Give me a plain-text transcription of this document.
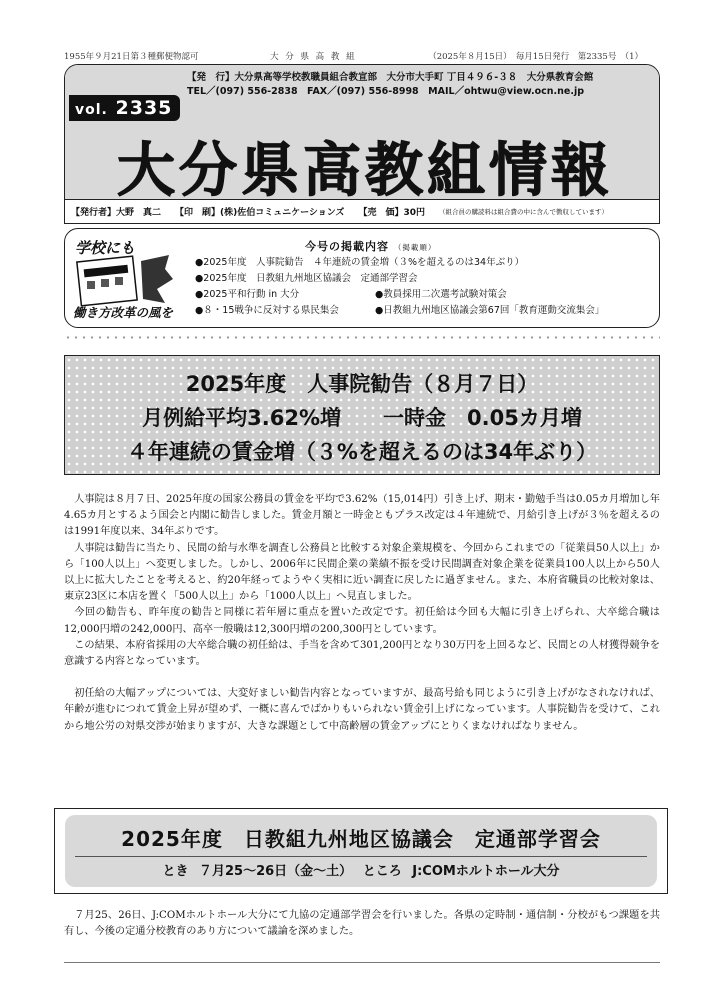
1955年９月21日第３種郵便物認可	大 分 県 高 教 組	（2025年８月15日）　毎月15日発行　第2335号　（1）
vol. 2335
【発　行】大分県高等学校教職員組合教宣部　大分市大手町 丁目４９６-３８　大分県教育会館
TEL／(097) 556-2838　FAX／(097) 556-8998　MAIL／ohtwu@view.ocn.ne.jp
大分県高教組情報
【発行者】大野　真二 【印　刷】(株)佐伯コミュニケーションズ 【売　価】30円 （組合員の購読料は組合費の中に含んで徴収しています）
学校にも
働き方改革の風を
今号の掲載内容 （掲載順）
●2025年度　人事院勧告　４年連続の賃金増（３%を超えるのは34年ぶり）
●2025年度　日教組九州地区協議会　定通部学習会
●2025平和行動 in 大分	●教員採用二次選考試験対策会
●８・15戦争に反対する県民集会	●日教組九州地区協議会第67回「教育運動交流集会」
2025年度　人事院勧告（８月７日）
月例給平均3.62%増　　一時金　0.05カ月増
４年連続の賃金増（３%を超えるのは34年ぶり）

人事院は８月７日、2025年度の国家公務員の賃金を平均で3.62%（15,014円）引き上げ、期末・勤勉手当は0.05カ月増加し年4.65カ月とするよう国会と内閣に勧告しました。賃金月額と一時金ともプラス改定は４年連続で、月給引き上げが３％を超えるのは1991年度以来、34年ぶりです。

人事院は勧告に当たり、民間の給与水準を調査し公務員と比較する対象企業規模を、今回からこれまでの「従業員50人以上」から「100人以上」へ変更しました。しかし、2006年に民間企業の業績不振を受け民間調査対象企業を従業員100人以上から50人以上に拡大したことを考えると、約20年経ってようやく実相に近い調査に戻したに過ぎません。また、本府省職員の比較対象は、東京23区に本店を置く「500人以上」から「1000人以上」へ見直しました。

今回の勧告も、昨年度の勧告と同様に若年層に重点を置いた改定です。初任給は今回も大幅に引き上げられ、大卒総合職は12,000円増の242,000円、高卒一般職は12,300円増の200,300円としています。

この結果、本府省採用の大卒総合職の初任給は、手当を含めて301,200円となり30万円を上回るなど、民間との人材獲得競争を意識する内容となっています。

初任給の大幅アップについては、大変好ましい勧告内容となっていますが、最高号給も同じように引き上げがなされなければ、年齢が進むにつれて賃金上昇が望めず、一概に喜んでばかりもいられない賃金引上げになっています。人事院勧告を受けて、これから地公労の対県交渉が始まりますが、大きな課題として中高齢層の賃金アップにとりくまなければなりません。

2025年度　日教組九州地区協議会　定通部学習会
とき ７月25～26日（金～土） ところ J:COMホルトホール大分

７月25、26日、J:COMホルトホール大分にて九協の定通部学習会を行いました。各県の定時制・通信制・分校がもつ課題を共有し、今後の定通分校教育のあり方について議論を深めました。
